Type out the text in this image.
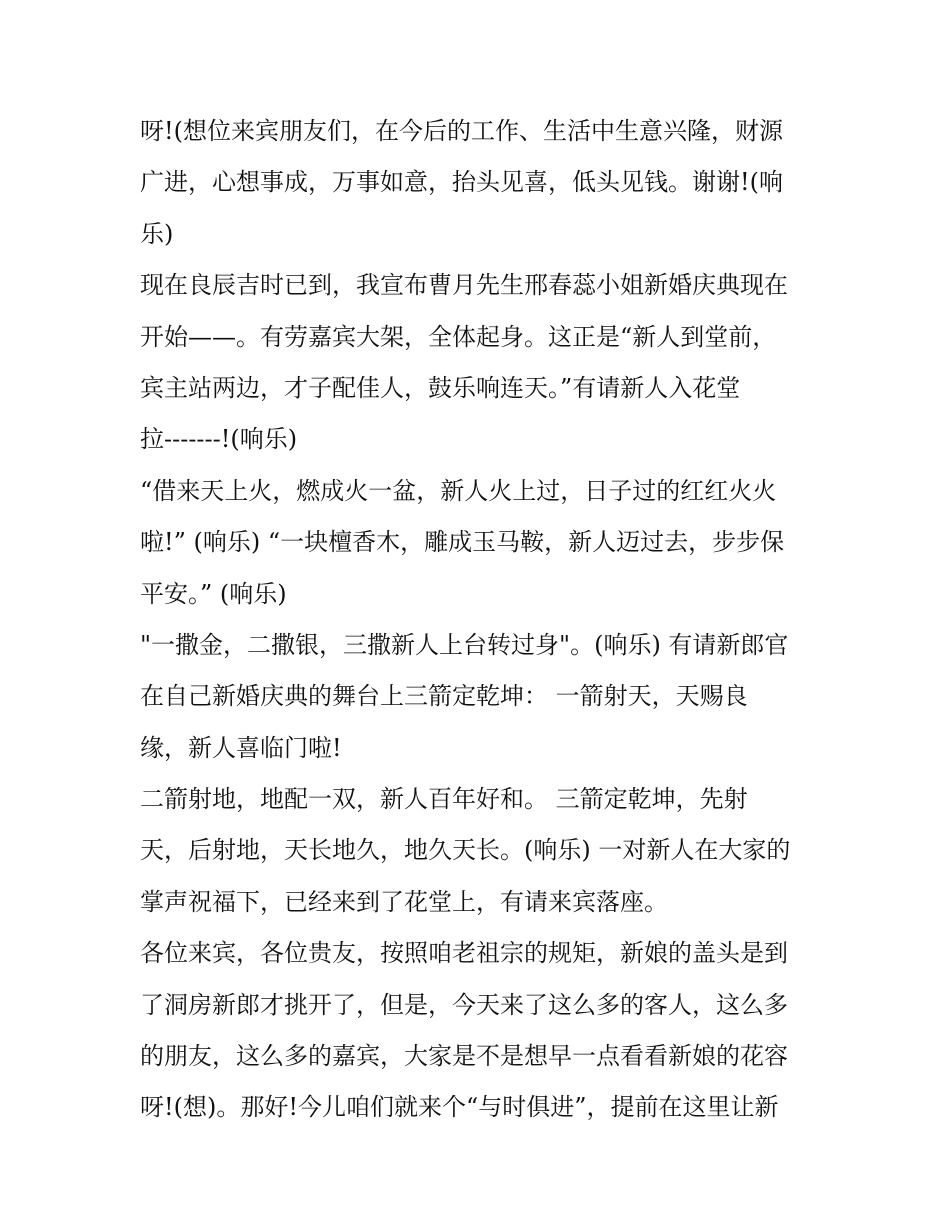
呀!(想位来宾朋友们，在今后的工作、生活中生意兴隆，财源
广进，心想事成，万事如意，抬头见喜，低头见钱。谢谢!(响
乐)
现在良辰吉时已到，我宣布曹月先生邢春蕊小姐新婚庆典现在
开始——。有劳嘉宾大架，全体起身。这正是“新人到堂前，
宾主站两边，才子配佳人，鼓乐响连天。”有请新人入花堂
拉-------!(响乐)
“借来天上火，燃成火一盆，新人火上过，日子过的红红火火
啦!” (响乐) “一块檀香木，雕成玉马鞍，新人迈过去，步步保
平安。” (响乐)
"一撒金，二撒银，三撒新人上台转过身"。(响乐) 有请新郎官
在自己新婚庆典的舞台上三箭定乾坤： 一箭射天，天赐良
缘，新人喜临门啦!
二箭射地，地配一双，新人百年好和。 三箭定乾坤，先射
天，后射地，天长地久，地久天长。(响乐) 一对新人在大家的
掌声祝福下，已经来到了花堂上，有请来宾落座。
各位来宾，各位贵友，按照咱老祖宗的规矩，新娘的盖头是到
了洞房新郎才挑开了，但是，今天来了这么多的客人，这么多
的朋友，这么多的嘉宾，大家是不是想早一点看看新娘的花容
呀!(想)。那好!今儿咱们就来个“与时俱进”，提前在这里让新
